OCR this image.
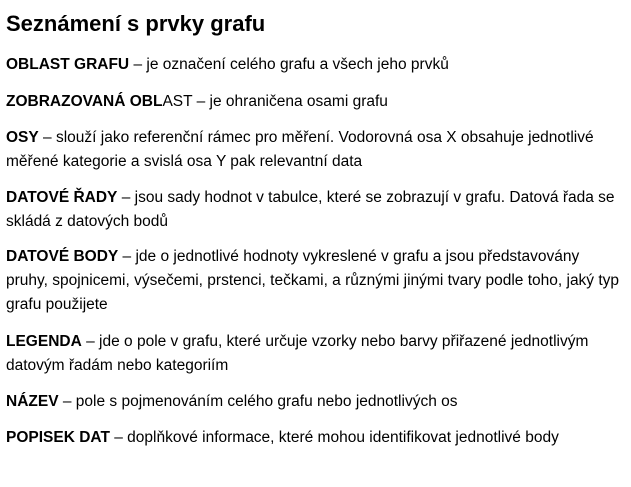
Seznámení s prvky grafu

OBLAST GRAFU – je označení celého grafu a všech jeho prvků

ZOBRAZOVANÁ OBLAST – je ohraničena osami grafu

OSY – slouží jako referenční rámec pro měření. Vodorovná osa X obsahuje jednotlivé měřené kategorie a svislá osa Y pak relevantní data

DATOVÉ ŘADY – jsou sady hodnot v tabulce, které se zobrazují v grafu. Datová řada se skládá z datových bodů

DATOVÉ BODY – jde o jednotlivé hodnoty vykreslené v grafu a jsou představovány pruhy, spojnicemi, výsečemi, prstenci, tečkami, a různými jinými tvary podle toho, jaký typ grafu použijete

LEGENDA – jde o pole v grafu, které určuje vzorky nebo barvy přiřazené jednotlivým datovým řadám nebo kategoriím

NÁZEV – pole s pojmenováním celého grafu nebo jednotlivých os

POPISEK DAT – doplňkové informace, které mohou identifikovat jednotlivé body
